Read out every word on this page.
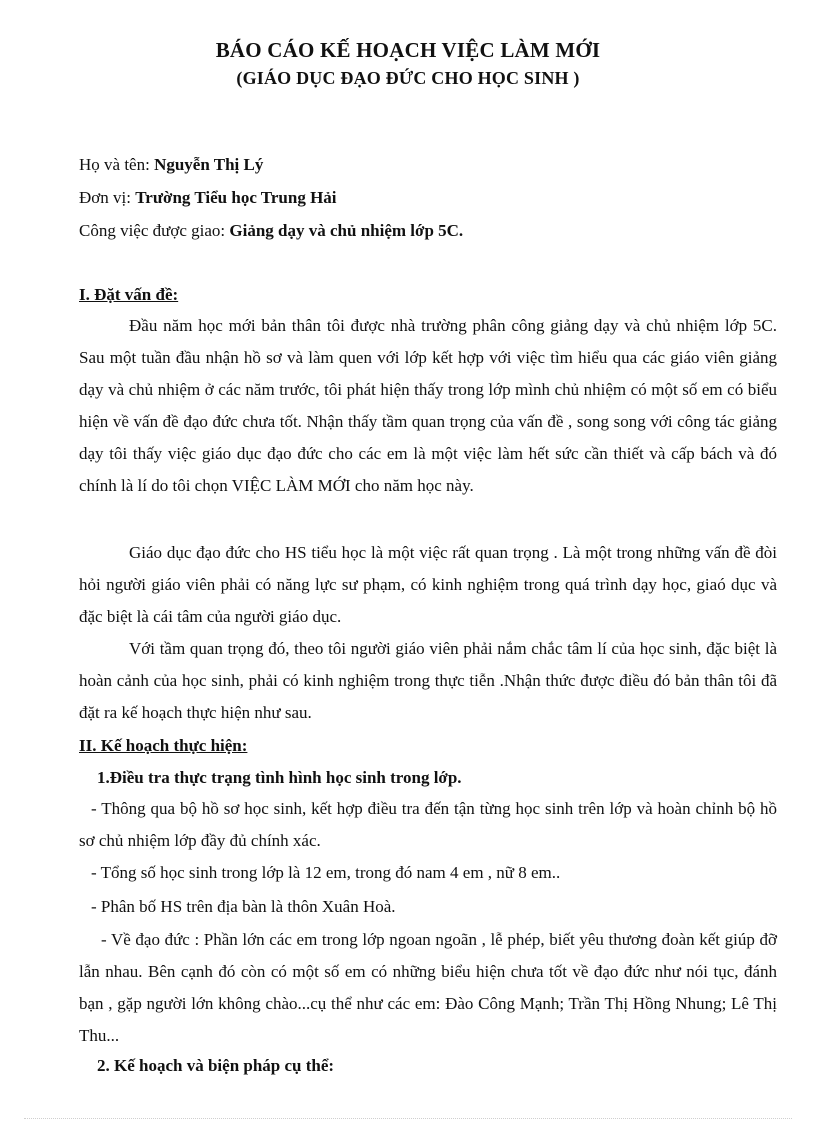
BÁO CÁO KẾ HOẠCH VIỆC LÀM MỚI
(GIÁO DỤC ĐẠO ĐỨC CHO HỌC SINH )
Họ và tên: Nguyễn Thị Lý
Đơn vị: Trường Tiểu học Trung Hải
Công việc được giao: Giảng dạy và chủ nhiệm lớp 5C.
I. Đặt vấn đề:

Đầu năm học mới bản thân tôi được nhà trường phân công giảng dạy và chủ nhiệm lớp 5C. Sau một tuần đầu nhận hồ sơ và làm quen với lớp kết hợp với việc tìm hiểu qua các giáo viên giảng dạy và chủ nhiệm ở các năm trước, tôi phát hiện thấy trong lớp mình chủ nhiệm có một số em có biểu hiện về vấn đề đạo đức chưa tốt. Nhận thấy tầm quan trọng của vấn đề , song song với công tác giảng dạy tôi thấy việc giáo dục đạo đức cho các em là một việc làm hết sức cần thiết và cấp bách và đó chính là lí do tôi chọn VIỆC LÀM MỚI cho năm học này.

Giáo dục đạo đức cho HS tiểu học là một việc rất quan trọng . Là một trong những vấn đề đòi hỏi người giáo viên phải có năng lực sư phạm, có kinh nghiệm trong quá trình dạy học, giaó dục và đặc biệt là cái tâm của người giáo dục.

Với tầm quan trọng đó, theo tôi người giáo viên phải nắm chắc tâm lí của học sinh, đặc biệt là hoàn cảnh của học sinh, phải có kinh nghiệm trong thực tiễn .Nhận thức được điều đó bản thân tôi đã đặt ra kế hoạch thực hiện như sau.

II. Kế hoạch thực hiện:
1.Điều tra thực trạng tình hình học sinh trong lớp.

- Thông qua bộ hồ sơ học sinh, kết hợp điều tra đến tận từng học sinh trên lớp và hoàn chỉnh bộ hồ sơ chủ nhiệm lớp đầy đủ chính xác.

- Tổng số học sinh trong lớp là 12 em, trong đó nam 4 em , nữ 8 em..

- Phân bố HS trên địa bàn là thôn Xuân Hoà.

- Về đạo đức : Phần lớn các em trong lớp ngoan ngoãn , lễ phép, biết yêu thương đoàn kết giúp đỡ lẫn nhau. Bên cạnh đó còn có một số em có những biểu hiện chưa tốt về đạo đức như nói tục, đánh bạn , gặp người lớn không chào...cụ thể như các em: Đào Công Mạnh; Trần Thị Hồng Nhung; Lê Thị Thu...

2. Kế hoạch và biện pháp cụ thể:
